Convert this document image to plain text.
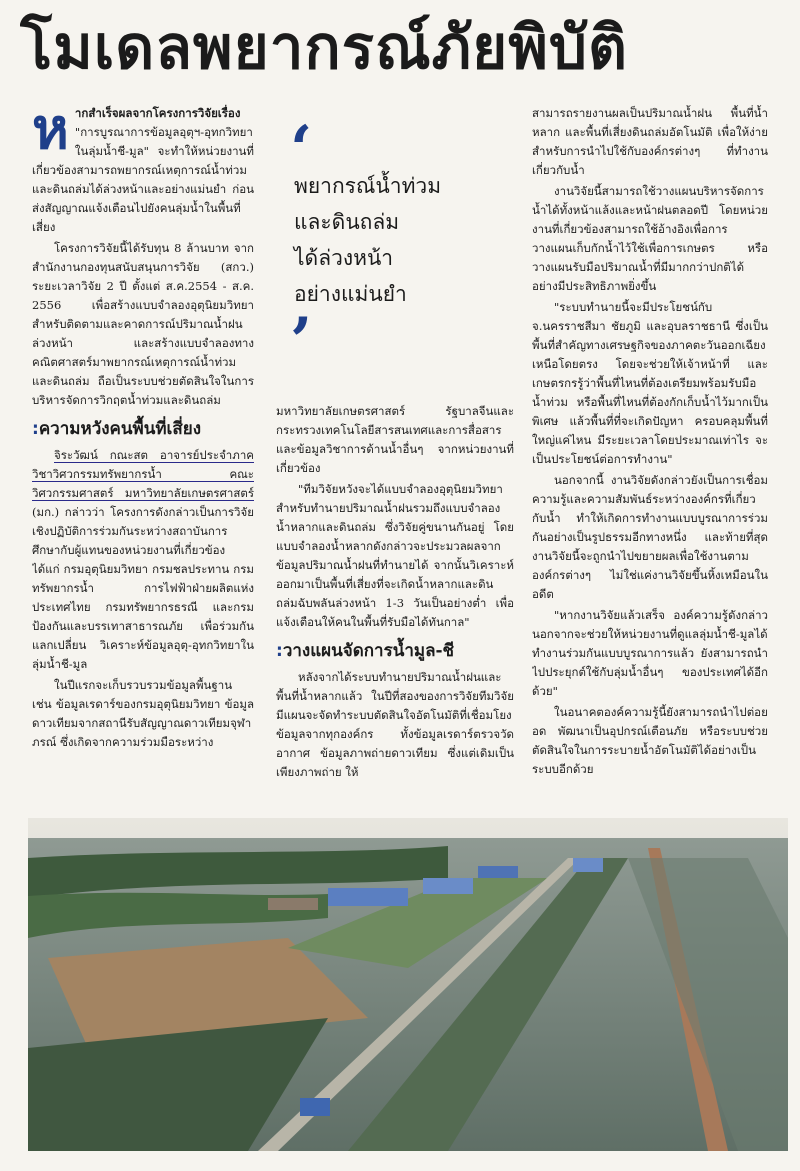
โมเดลพยากรณ์ภัยพิบัติ

ห ากสำเร็จผลจากโครงการวิจัยเรื่อง "การบูรณาการข้อมูลอุตุฯ-อุทกวิทยาในลุ่มน้ำชี-มูล" จะทำให้หน่วยงานที่เกี่ยวข้องสามารถพยากรณ์เหตุการณ์น้ำท่วมและดินถล่มได้ล่วงหน้าและอย่างแม่นยำ ก่อนส่งสัญญาณแจ้งเตือนไปยังคนลุ่มน้ำในพื้นที่เสี่ยง

โครงการวิจัยนี้ได้รับทุน 8 ล้านบาท จากสำนักงานกองทุนสนับสนุนการวิจัย (สกว.) ระยะเวลาวิจัย 2 ปี ตั้งแต่ ส.ค.2554 - ส.ค. 2556 เพื่อสร้างแบบจำลองอุตุนิยมวิทยาสำหรับติดตามและคาดการณ์ปริมาณน้ำฝนล่วงหน้า และสร้างแบบจำลองทางคณิตศาสตร์มาพยากรณ์เหตุการณ์น้ำท่วมและดินถล่ม ถือเป็นระบบช่วยตัดสินใจในการบริหารจัดการวิกฤตน้ำท่วมและดินถล่ม

:ความหวังคนพื้นที่เสี่ยง

จิระวัฒน์ กณะสต อาจารย์ประจำภาควิชาวิศวกรรมทรัพยากรน้ำ คณะวิศวกรรมศาสตร์ มหาวิทยาลัยเกษตรศาสตร์ (มก.) กล่าวว่า โครงการดังกล่าวเป็นการวิจัยเชิงปฏิบัติการร่วมกันระหว่างสถาบันการศึกษากับผู้แทนของหน่วยงานที่เกี่ยวข้อง ได้แก่ กรมอุตุนิยมวิทยา กรมชลประทาน กรมทรัพยากรน้ำ การไฟฟ้าฝ่ายผลิตแห่งประเทศไทย กรมทรัพยากรธรณี และกรมป้องกันและบรรเทาสาธารณภัย เพื่อร่วมกันแลกเปลี่ยน วิเคราะห์ข้อมูลอุตุ-อุทกวิทยาในลุ่มน้ำชี-มูล

ในปีแรกจะเก็บรวบรวมข้อมูลพื้นฐาน เช่น ข้อมูลเรดาร์ของกรมอุตุนิยมวิทยา ข้อมูลดาวเทียมจากสถานีรับสัญญาณดาวเทียมจุฬาภรณ์ ซึ่งเกิดจากความร่วมมือระหว่าง

‘
พยากรณ์น้ำท่วม
และดินถล่ม
ได้ล่วงหน้า
อย่างแม่นยำ
’

มหาวิทยาลัยเกษตรศาสตร์ รัฐบาลจีนและกระทรวงเทคโนโลยีสารสนเทศและการสื่อสาร และข้อมูลวิชาการด้านน้ำอื่นๆ จากหน่วยงานที่เกี่ยวข้อง

"ทีมวิจัยหวังจะได้แบบจำลองอุตุนิยมวิทยาสำหรับทำนายปริมาณน้ำฝนรวมถึงแบบจำลองน้ำหลากและดินถล่ม ซึ่งวิจัยคู่ขนานกันอยู่ โดยแบบจำลองน้ำหลากดังกล่าวจะประมวลผลจากข้อมูลปริมาณน้ำฝนที่ทำนายได้ จากนั้นวิเคราะห์ออกมาเป็นพื้นที่เสี่ยงที่จะเกิดน้ำหลากและดินถล่มฉับพลันล่วงหน้า 1-3 วันเป็นอย่างต่ำ เพื่อแจ้งเตือนให้คนในพื้นที่รับมือได้ทันกาล"

:วางแผนจัดการน้ำมูล-ชี

หลังจากได้ระบบทำนายปริมาณน้ำฝนและพื้นที่น้ำหลากแล้ว ในปีที่สองของการวิจัยทีมวิจัยมีแผนจะจัดทำระบบตัดสินใจอัตโนมัติที่เชื่อมโยงข้อมูลจากทุกองค์กร ทั้งข้อมูลเรดาร์ตรวจวัดอากาศ ข้อมูลภาพถ่ายดาวเทียม ซึ่งแต่เดิมเป็นเพียงภาพถ่าย ให้

สามารถรายงานผลเป็นปริมาณน้ำฝน พื้นที่น้ำหลาก และพื้นที่เสี่ยงดินถล่มอัตโนมัติ เพื่อให้ง่ายสำหรับการนำไปใช้กับองค์กรต่างๆ ที่ทำงานเกี่ยวกับน้ำ

งานวิจัยนี้สามารถใช้วางแผนบริหารจัดการน้ำได้ทั้งหน้าแล้งและหน้าฝนตลอดปี โดยหน่วยงานที่เกี่ยวข้องสามารถใช้อ้างอิงเพื่อการวางแผนเก็บกักน้ำไว้ใช้เพื่อการเกษตร หรือวางแผนรับมือปริมาณน้ำที่มีมากกว่าปกติได้อย่างมีประสิทธิภาพยิ่งขึ้น

"ระบบทำนายนี้จะมีประโยชน์กับ จ.นครราชสีมา ชัยภูมิ และอุบลราชธานี ซึ่งเป็นพื้นที่สำคัญทางเศรษฐกิจของภาคตะวันออกเฉียงเหนือโดยตรง โดยจะช่วยให้เจ้าหน้าที่ และเกษตรกรรู้ว่าพื้นที่ไหนที่ต้องเตรียมพร้อมรับมือน้ำท่วม หรือพื้นที่ไหนที่ต้องกักเก็บน้ำไว้มากเป็นพิเศษ แล้วพื้นที่ที่จะเกิดปัญหา ครอบคลุมพื้นที่ใหญ่แค่ไหน มีระยะเวลาโดยประมาณเท่าไร จะเป็นประโยชน์ต่อการทำงาน"

นอกจากนี้ งานวิจัยดังกล่าวยังเป็นการเชื่อมความรู้และความสัมพันธ์ระหว่างองค์กรที่เกี่ยวกับน้ำ ทำให้เกิดการทำงานแบบบูรณาการร่วมกันอย่างเป็นรูปธรรมอีกทางหนึ่ง และท้ายที่สุด งานวิจัยนี้จะถูกนำไปขยายผลเพื่อใช้งานตามองค์กรต่างๆ ไม่ใช่แค่งานวิจัยขึ้นหิ้งเหมือนในอดีต

"หากงานวิจัยแล้วเสร็จ องค์ความรู้ดังกล่าวนอกจากจะช่วยให้หน่วยงานที่ดูแลลุ่มน้ำชี-มูลได้ทำงานร่วมกันแบบบูรณาการแล้ว ยังสามารถนำไปประยุกต์ใช้กับลุ่มน้ำอื่นๆ ของประเทศได้อีกด้วย"

ในอนาคตองค์ความรู้นี้ยังสามารถนำไปต่อยอด พัฒนาเป็นอุปกรณ์เตือนภัย หรือระบบช่วยตัดสินใจในการระบายน้ำอัตโนมัติได้อย่างเป็นระบบอีกด้วย
